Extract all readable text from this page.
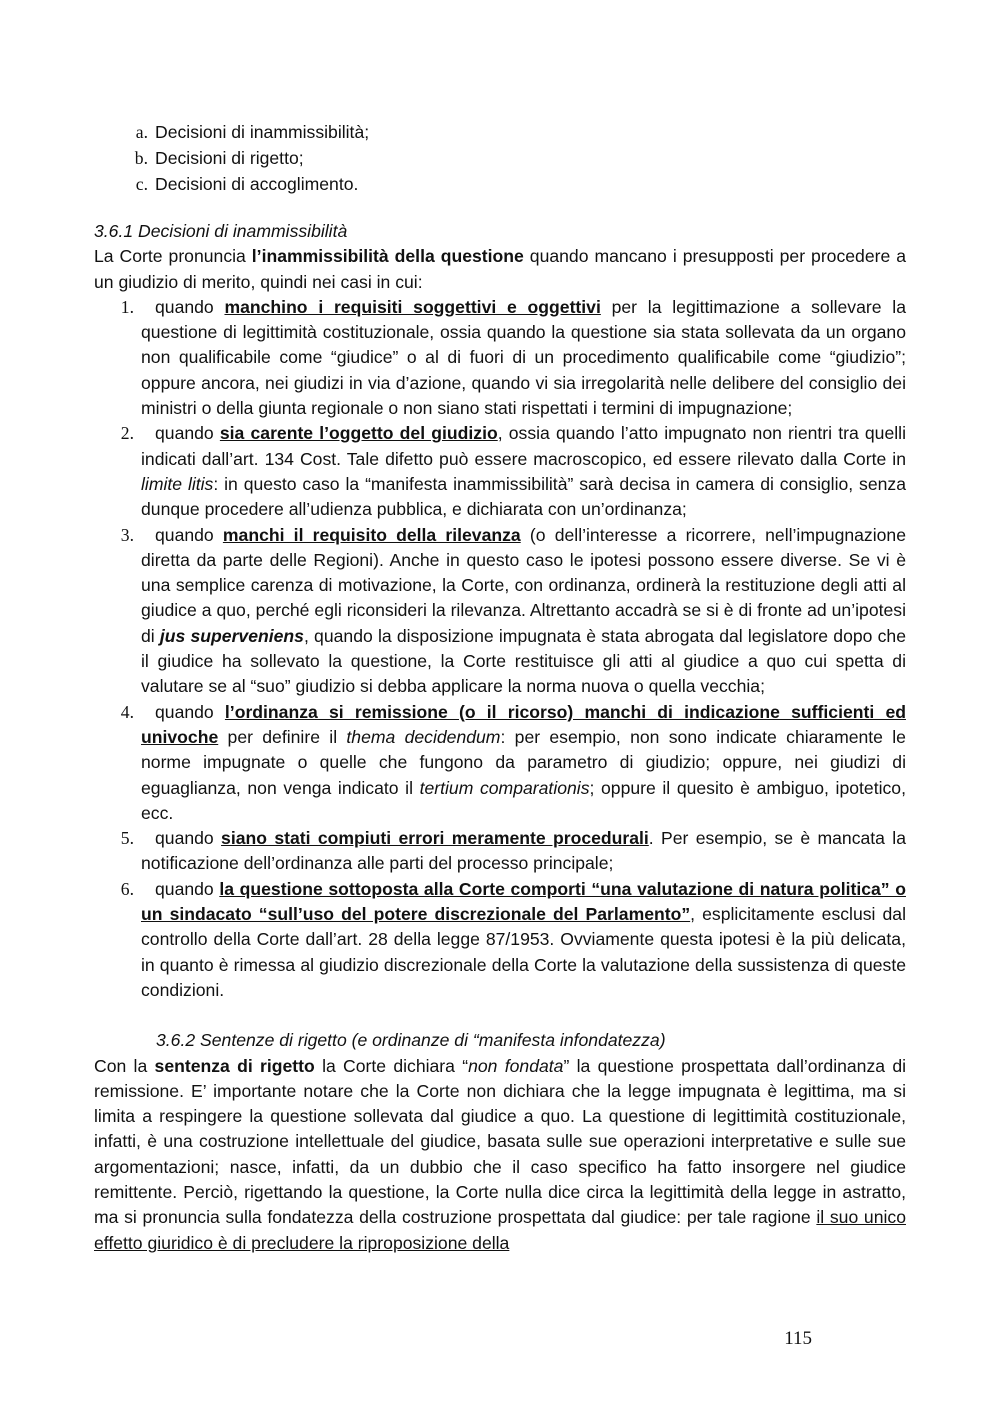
a. Decisioni di inammissibilità;
b. Decisioni di rigetto;
c. Decisioni di accoglimento.

3.6.1 Decisioni di inammissibilità

La Corte pronuncia l’inammissibilità della questione quando mancano i presupposti per procedere a un giudizio di merito, quindi nei casi in cui:

1. quando manchino i requisiti soggettivi e oggettivi per la legittimazione a sollevare la questione di legittimità costituzionale, ossia quando la questione sia stata sollevata da un organo non qualificabile come “giudice” o al di fuori di un procedimento qualificabile come “giudizio”; oppure ancora, nei giudizi in via d’azione, quando vi sia irregolarità nelle delibere del consiglio dei ministri o della giunta regionale o non siano stati rispettati i termini di impugnazione;
2. quando sia carente l’oggetto del giudizio, ossia quando l’atto impugnato non rientri tra quelli indicati dall’art. 134 Cost. Tale difetto può essere macroscopico, ed essere rilevato dalla Corte in limite litis: in questo caso la “manifesta inammissibilità” sarà decisa in camera di consiglio, senza dunque procedere all’udienza pubblica, e dichiarata con un’ordinanza;
3. quando manchi il requisito della rilevanza (o dell’interesse a ricorrere, nell’impugnazione diretta da parte delle Regioni). Anche in questo caso le ipotesi possono essere diverse. Se vi è una semplice carenza di motivazione, la Corte, con ordinanza, ordinerà la restituzione degli atti al giudice a quo, perché egli riconsideri la rilevanza. Altrettanto accadrà se si è di fronte ad un’ipotesi di jus superveniens, quando la disposizione impugnata è stata abrogata dal legislatore dopo che il giudice ha sollevato la questione, la Corte restituisce gli atti al giudice a quo cui spetta di valutare se al “suo” giudizio si debba applicare la norma nuova o quella vecchia;
4. quando l’ordinanza si remissione (o il ricorso) manchi di indicazione sufficienti ed univoche per definire il thema decidendum: per esempio, non sono indicate chiaramente le norme impugnate o quelle che fungono da parametro di giudizio; oppure, nei giudizi di eguaglianza, non venga indicato il tertium comparationis; oppure il quesito è ambiguo, ipotetico, ecc.
5. quando siano stati compiuti errori meramente procedurali. Per esempio, se è mancata la notificazione dell’ordinanza alle parti del processo principale;
6. quando la questione sottoposta alla Corte comporti “una valutazione di natura politica” o un sindacato “sull’uso del potere discrezionale del Parlamento”, esplicitamente esclusi dal controllo della Corte dall’art. 28 della legge 87/1953. Ovviamente questa ipotesi è la più delicata, in quanto è rimessa al giudizio discrezionale della Corte la valutazione della sussistenza di queste condizioni.

3.6.2 Sentenze di rigetto (e ordinanze di “manifesta infondatezza)

Con la sentenza di rigetto la Corte dichiara “non fondata” la questione prospettata dall’ordinanza di remissione. E’ importante notare che la Corte non dichiara che la legge impugnata è legittima, ma si limita a respingere la questione sollevata dal giudice a quo. La questione di legittimità costituzionale, infatti, è una costruzione intellettuale del giudice, basata sulle sue operazioni interpretative e sulle sue argomentazioni; nasce, infatti, da un dubbio che il caso specifico ha fatto insorgere nel giudice remittente. Perciò, rigettando la questione, la Corte nulla dice circa la legittimità della legge in astratto, ma si pronuncia sulla fondatezza della costruzione prospettata dal giudice: per tale ragione il suo unico effetto giuridico è di precludere la riproposizione della

115
